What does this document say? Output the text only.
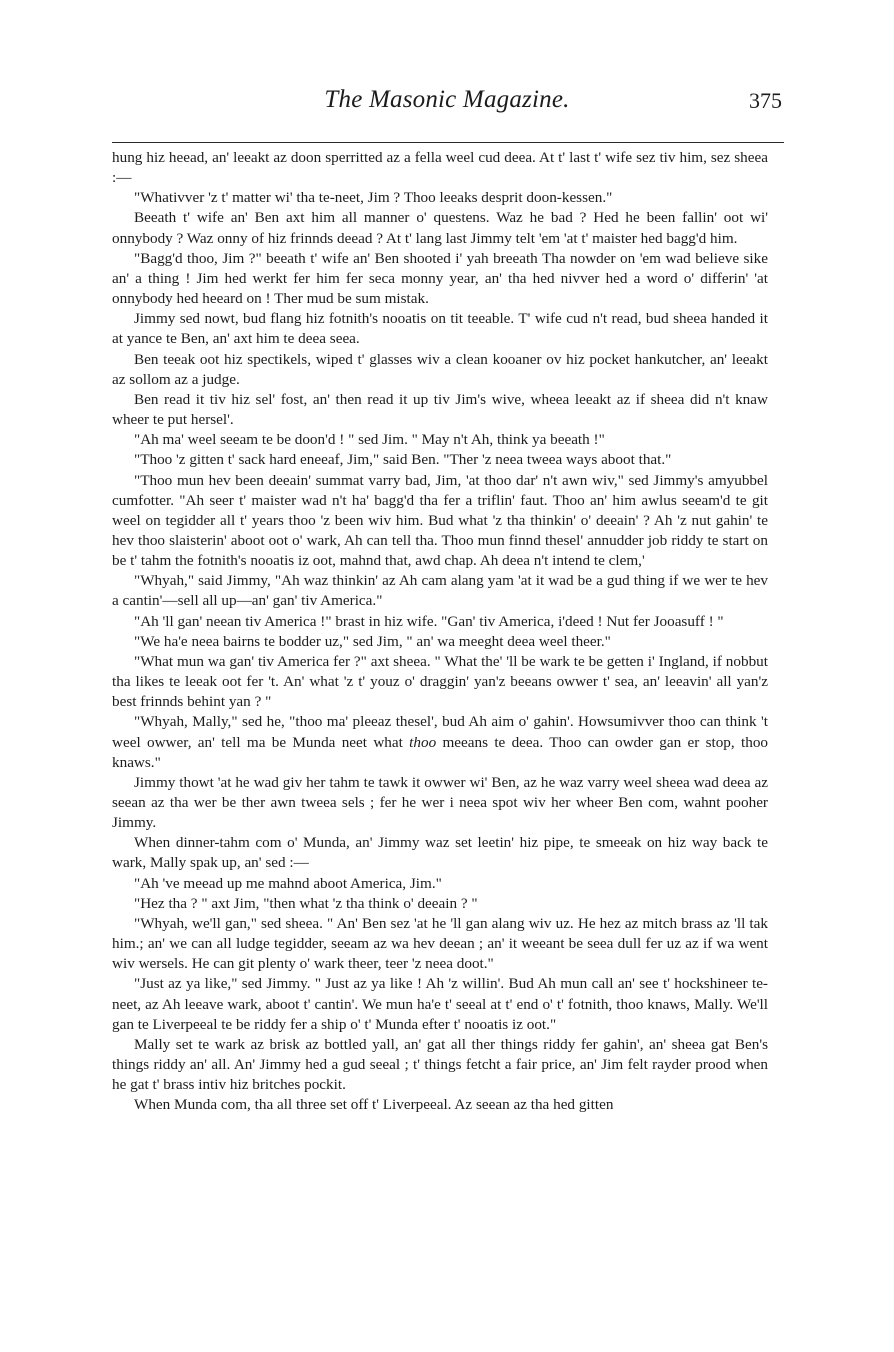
The Masonic Magazine.	375

hung hiz heead, an' leeakt az doon sperritted az a fella weel cud deea. At t' last t' wife sez tiv him, sez sheea :—

"Whativver 'z t' matter wi' tha te-neet, Jim ? Thoo leeaks desprit doon-kessen."

Beeath t' wife an' Ben axt him all manner o' questens. Waz he bad ? Hed he been fallin' oot wi' onnybody ? Waz onny of hiz frinnds deead ? At t' lang last Jimmy telt 'em 'at t' maister hed bagg'd him.

"Bagg'd thoo, Jim ?" beeath t' wife an' Ben shooted i' yah breeath Tha nowder on 'em wad believe sike an' a thing ! Jim hed werkt fer him fer seca monny year, an' tha hed nivver hed a word o' differin' 'at onnybody hed heeard on ! Ther mud be sum mistak.

Jimmy sed nowt, bud flang hiz fotnith's nooatis on tit teeable. T' wife cud n't read, bud sheea handed it at yance te Ben, an' axt him te deea seea.

Ben teeak oot hiz spectikels, wiped t' glasses wiv a clean kooaner ov hiz pocket hankutcher, an' leeakt az sollom az a judge.

Ben read it tiv hiz sel' fost, an' then read it up tiv Jim's wive, wheea leeakt az if sheea did n't knaw wheer te put hersel'.

"Ah ma' weel seeam te be doon'd ! " sed Jim. " May n't Ah, think ya beeath !"

"Thoo 'z gitten t' sack hard eneeaf, Jim," said Ben. "Ther 'z neea tweea ways aboot that."

"Thoo mun hev been deeain' summat varry bad, Jim, 'at thoo dar' n't awn wiv," sed Jimmy's amyubbel cumfotter. "Ah seer t' maister wad n't ha' bagg'd tha fer a triflin' faut. Thoo an' him awlus seeam'd te git weel on tegidder all t' years thoo 'z been wiv him. Bud what 'z tha thinkin' o' deeain' ? Ah 'z nut gahin' te hev thoo slaisterin' aboot oot o' wark, Ah can tell tha. Thoo mun finnd thesel' annudder job riddy te start on be t' tahm the fotnith's nooatis iz oot, mahnd that, awd chap. Ah deea n't intend te clem,'

"Whyah," said Jimmy, "Ah waz thinkin' az Ah cam alang yam 'at it wad be a gud thing if we wer te hev a cantin'—sell all up—an' gan' tiv America."

"Ah 'll gan' neean tiv America !" brast in hiz wife. "Gan' tiv America, i'deed ! Nut fer Jooasuff ! "

"We ha'e neea bairns te bodder uz," sed Jim, " an' wa meeght deea weel theer."

"What mun wa gan' tiv America fer ?" axt sheea. " What the' 'll be wark te be getten i' Ingland, if nobbut tha likes te leeak oot fer 't. An' what 'z t' youz o' draggin' yan'z beeans owwer t' sea, an' leeavin' all yan'z best frinnds behint yan ? "

"Whyah, Mally," sed he, "thoo ma' pleeaz thesel', bud Ah aim o' gahin'. Howsumivver thoo can think 't weel owwer, an' tell ma be Munda neet what thoo meeans te deea. Thoo can owder gan er stop, thoo knaws."

Jimmy thowt 'at he wad giv her tahm te tawk it owwer wi' Ben, az he waz varry weel sheea wad deea az seean az tha wer be ther awn tweea sels ; fer he wer i neea spot wiv her wheer Ben com, wahnt pooher Jimmy.

When dinner-tahm com o' Munda, an' Jimmy waz set leetin' hiz pipe, te smeeak on hiz way back te wark, Mally spak up, an' sed :—

"Ah 've meead up me mahnd aboot America, Jim."

"Hez tha ? " axt Jim, "then what 'z tha think o' deeain ? "

"Whyah, we'll gan," sed sheea. " An' Ben sez 'at he 'll gan alang wiv uz. He hez az mitch brass az 'll tak him.; an' we can all ludge tegidder, seeam az wa hev deean ; an' it weeant be seea dull fer uz az if wa went wiv wersels. He can git plenty o' wark theer, teer 'z neea doot."

"Just az ya like," sed Jimmy. " Just az ya like ! Ah 'z willin'. Bud Ah mun call an' see t' hockshineer te-neet, az Ah leeave wark, aboot t' cantin'. We mun ha'e t' seeal at t' end o' t' fotnith, thoo knaws, Mally. We'll gan te Liverpeeal te be riddy fer a ship o' t' Munda efter t' nooatis iz oot."

Mally set te wark az brisk az bottled yall, an' gat all ther things riddy fer gahin', an' sheea gat Ben's things riddy an' all. An' Jimmy hed a gud seeal ; t' things fetcht a fair price, an' Jim felt rayder prood when he gat t' brass intiv hiz britches pockit.

When Munda com, tha all three set off t' Liverpeeal. Az seean az tha hed gitten
